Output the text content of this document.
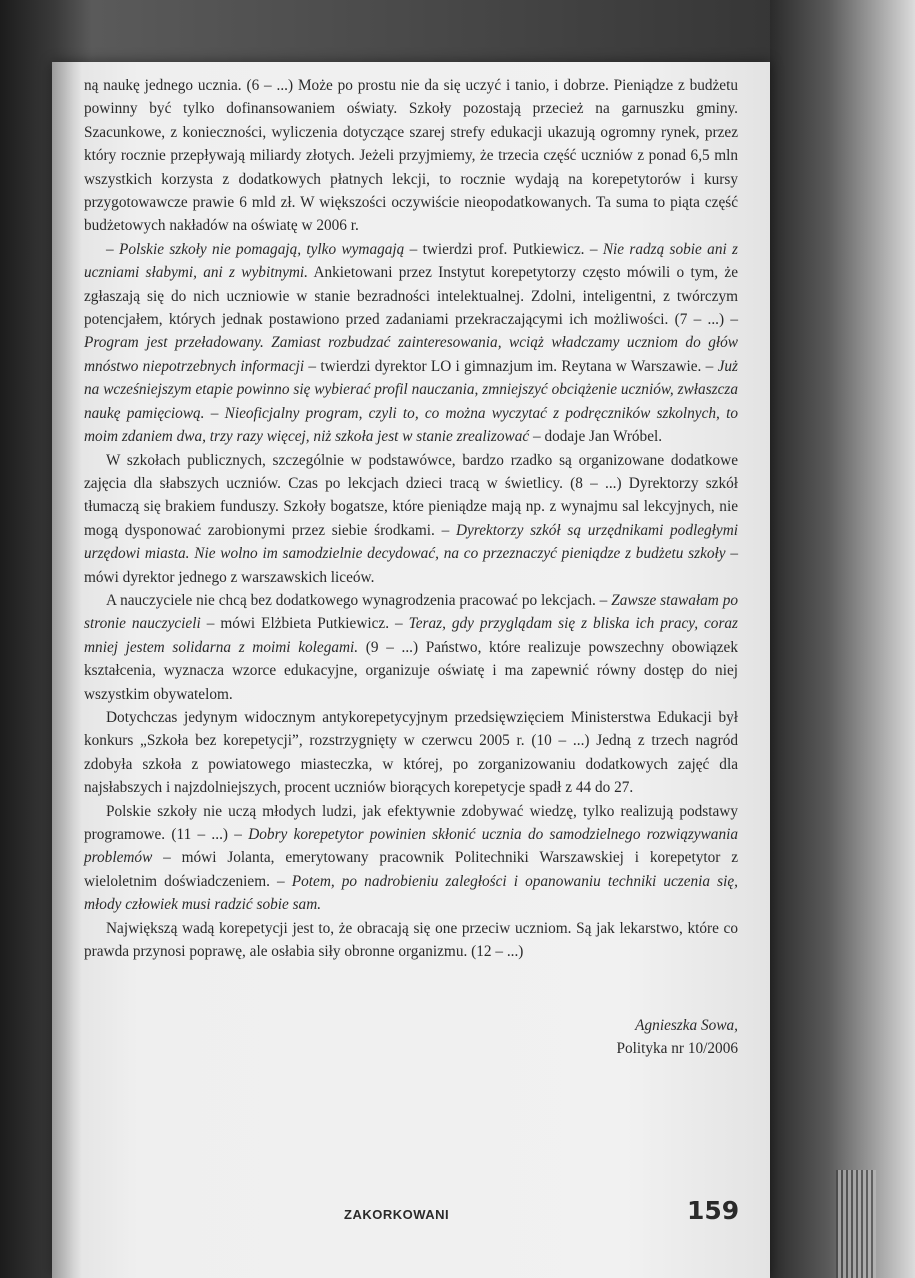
ną naukę jednego ucznia. (6 – ...) Może po prostu nie da się uczyć i tanio, i dobrze. Pieniądze z budżetu powinny być tylko dofinansowaniem oświaty. Szkoły pozostają przecież na garnuszku gminy. Szacunkowe, z konieczności, wyliczenia dotyczące szarej strefy edukacji ukazują ogromny rynek, przez który rocznie przepływają miliardy złotych. Jeżeli przyjmiemy, że trzecia część uczniów z ponad 6,5 mln wszystkich korzysta z dodatkowych płatnych lekcji, to rocznie wydają na korepetytorów i kursy przygotowawcze prawie 6 mld zł. W większości oczywiście nieopodatkowanych. Ta suma to piąta część budżetowych nakładów na oświatę w 2006 r.

– Polskie szkoły nie pomagają, tylko wymagają – twierdzi prof. Putkiewicz. – Nie radzą sobie ani z uczniami słabymi, ani z wybitnymi. Ankietowani przez Instytut korepetytorzy często mówili o tym, że zgłaszają się do nich uczniowie w stanie bezradności intelektualnej. Zdolni, inteligentni, z twórczym potencjałem, których jednak postawiono przed zadaniami przekraczającymi ich możliwości. (7 – ...) – Program jest przeładowany. Zamiast rozbudzać zainteresowania, wciąż władczamy uczniom do głów mnóstwo niepotrzebnych informacji – twierdzi dyrektor LO i gimnazjum im. Reytana w Warszawie. – Już na wcześniejszym etapie powinno się wybierać profil nauczania, zmniejszyć obciążenie uczniów, zwłaszcza naukę pamięciową. – Nieoficjalny program, czyli to, co można wyczytać z podręczników szkolnych, to moim zdaniem dwa, trzy razy więcej, niż szkoła jest w stanie zrealizować – dodaje Jan Wróbel.

W szkołach publicznych, szczególnie w podstawówce, bardzo rzadko są organizowane dodatkowe zajęcia dla słabszych uczniów. Czas po lekcjach dzieci tracą w świetlicy. (8 – ...) Dyrektorzy szkół tłumaczą się brakiem funduszy. Szkoły bogatsze, które pieniądze mają np. z wynajmu sal lekcyjnych, nie mogą dysponować zarobionymi przez siebie środkami. – Dyrektorzy szkół są urzędnikami podległymi urzędowi miasta. Nie wolno im samodzielnie decydować, na co przeznaczyć pieniądze z budżetu szkoły – mówi dyrektor jednego z warszawskich liceów.

A nauczyciele nie chcą bez dodatkowego wynagrodzenia pracować po lekcjach. – Zawsze stawałam po stronie nauczycieli – mówi Elżbieta Putkiewicz. – Teraz, gdy przyglądam się z bliska ich pracy, coraz mniej jestem solidarna z moimi kolegami. (9 – ...) Państwo, które realizuje powszechny obowiązek kształcenia, wyznacza wzorce edukacyjne, organizuje oświatę i ma zapewnić równy dostęp do niej wszystkim obywatelom.

Dotychczas jedynym widocznym antykorepetycyjnym przedsięwzięciem Ministerstwa Edukacji był konkurs „Szkoła bez korepetycji”, rozstrzygnięty w czerwcu 2005 r. (10 – ...) Jedną z trzech nagród zdobyła szkoła z powiatowego miasteczka, w której, po zorganizowaniu dodatkowych zajęć dla najsłabszych i najzdolniejszych, procent uczniów biorących korepetycje spadł z 44 do 27.

Polskie szkoły nie uczą młodych ludzi, jak efektywnie zdobywać wiedzę, tylko realizują podstawy programowe. (11 – ...) – Dobry korepetytor powinien skłonić ucznia do samodzielnego rozwiązywania problemów – mówi Jolanta, emerytowany pracownik Politechniki Warszawskiej i korepetytor z wieloletnim doświadczeniem. – Potem, po nadrobieniu zaległości i opanowaniu techniki uczenia się, młody człowiek musi radzić sobie sam.

Największą wadą korepetycji jest to, że obracają się one przeciw uczniom. Są jak lekarstwo, które co prawda przynosi poprawę, ale osłabia siły obronne organizmu. (12 – ...)

Agnieszka Sowa,
Polityka nr 10/2006
ZAKORKOWANI	159
